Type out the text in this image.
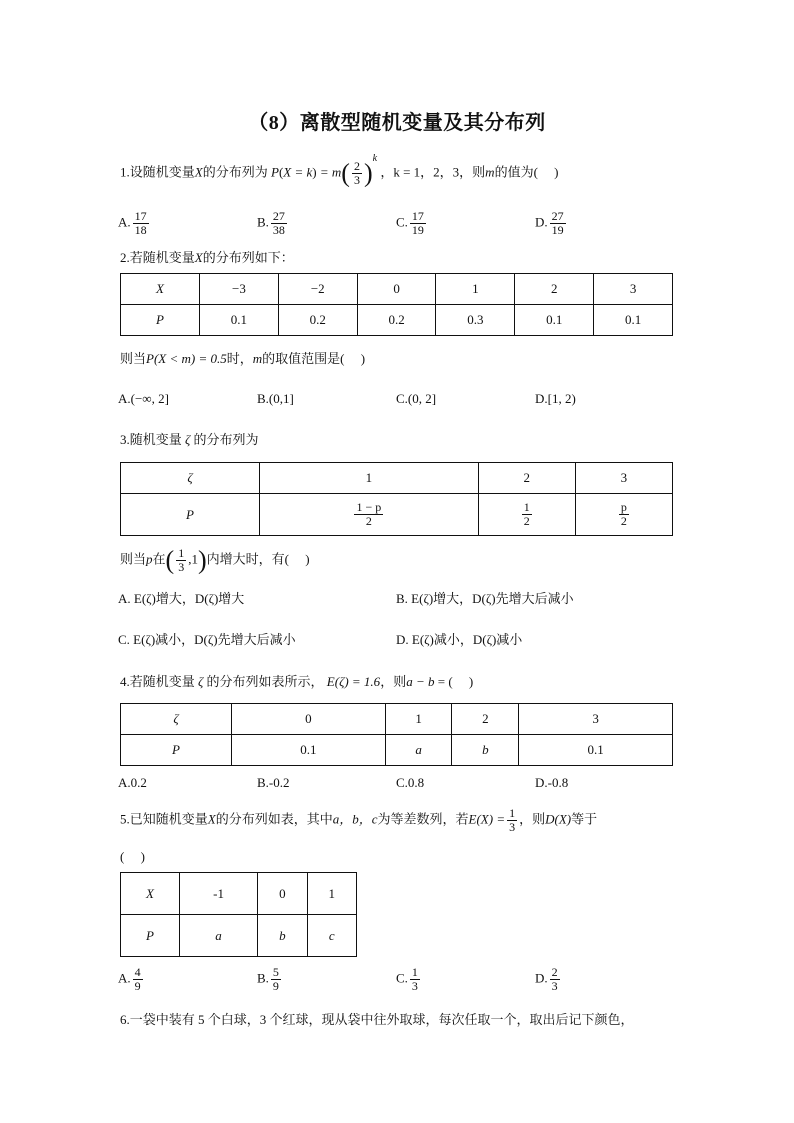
（8）离散型随机变量及其分布列
1.设随机变量X的分布列为 $P(X = k) = m( \frac{2}{3} )^k$ ，k = 1，2，3，则m的值为(　 )
A. $\frac{17}{18}$	B. $\frac{27}{38}$	C. $\frac{17}{19}$	D. $\frac{27}{19}$
2.若随机变量X的分布列如下：
X	−3	−2	0	1	2	3
P	0.1	0.2	0.2	0.3	0.1	0.1
则当P(X < m) = 0.5时，m的取值范围是(　 )
A.(−∞, 2]	B.(0,1]	C.(0, 2]	D.[1, 2)
3.随机变量 ζ 的分布列为
ζ	1	2	3
P	$\frac{1 - p}{2}$	$\frac{1}{2}$	$\frac{p}{2}$
则当p在( $\frac{1}{3} ,1$)内增大时，有(　 )
A. E(ζ)增大，D(ζ)增大	B. E(ζ)增大，D(ζ)先增大后减小
C. E(ζ)减小，D(ζ)先增大后减小	D. E(ζ)减小，D(ζ)减小
4.若随机变量 ζ 的分布列如表所示， E(ζ) = 1.6，则a − b = (　 )
ζ	0	1	2	3
P	0.1	a	b	0.1
A.0.2	B.-0.2	C.0.8	D.-0.8
5.已知随机变量X的分布列如表，其中a，b，c为等差数列，若$E(X) = \frac{1}{3}$ ，则D(X)等于
(　 )
X	-1	0	1
P	a	b	c
A. $\frac{4}{9}$	B. $\frac{5}{9}$	C. $\frac{1}{3}$	D. $\frac{2}{3}$
6.一袋中装有 5 个白球，3 个红球，现从袋中往外取球，每次任取一个，取出后记下颜色，
